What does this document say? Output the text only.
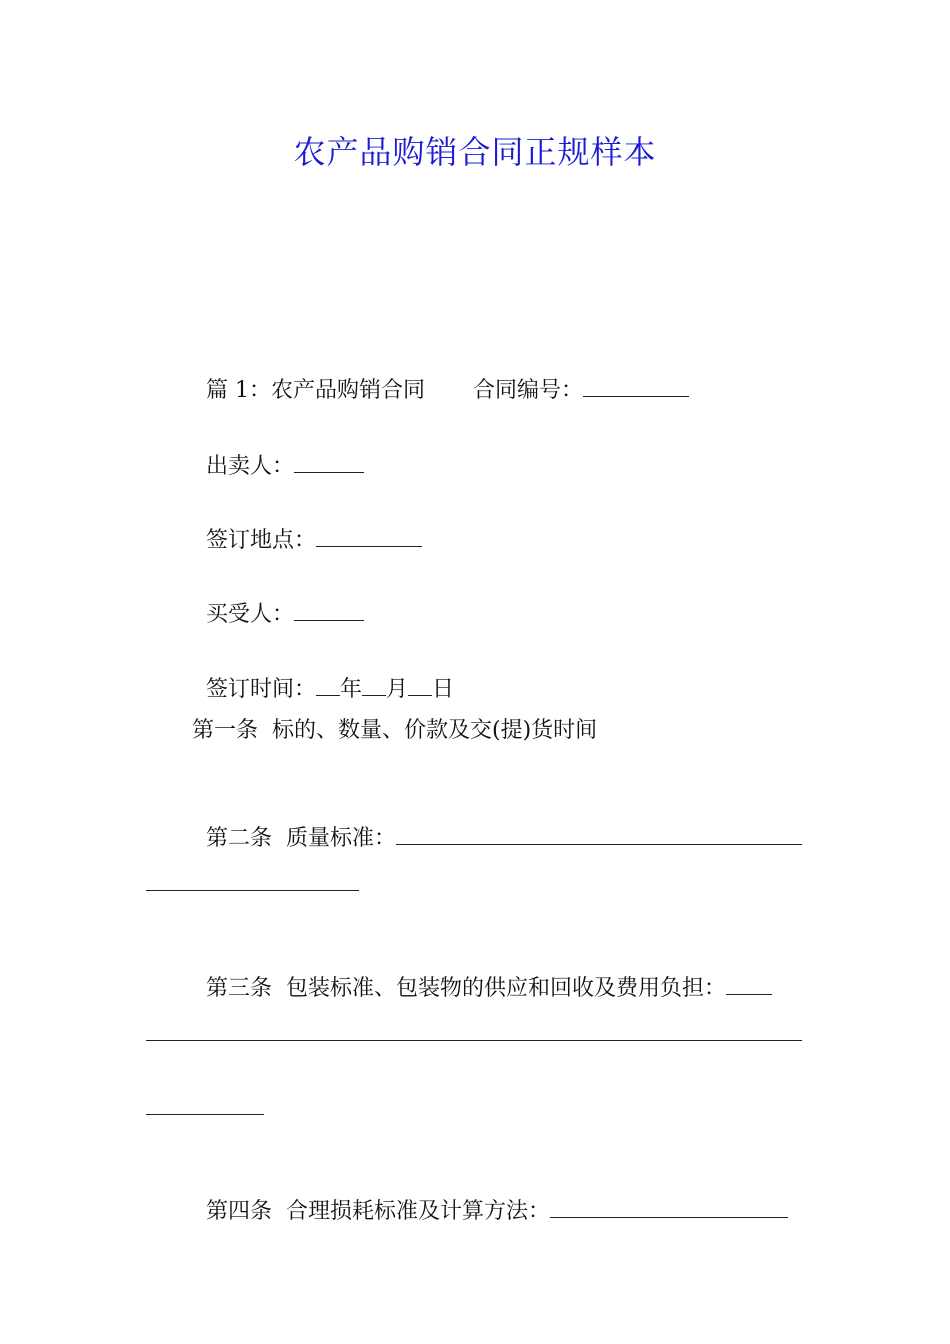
农产品购销合同正规样本

篇 1：农产品购销合同 合同编号：

出卖人：

签订地点：

买受人：

签订时间： 年 月 日

第一条  标的、数量、价款及交(提)货时间

第二条  质量标准：

第三条  包装标准、包装物的供应和回收及费用负担：

第四条  合理损耗标准及计算方法：
